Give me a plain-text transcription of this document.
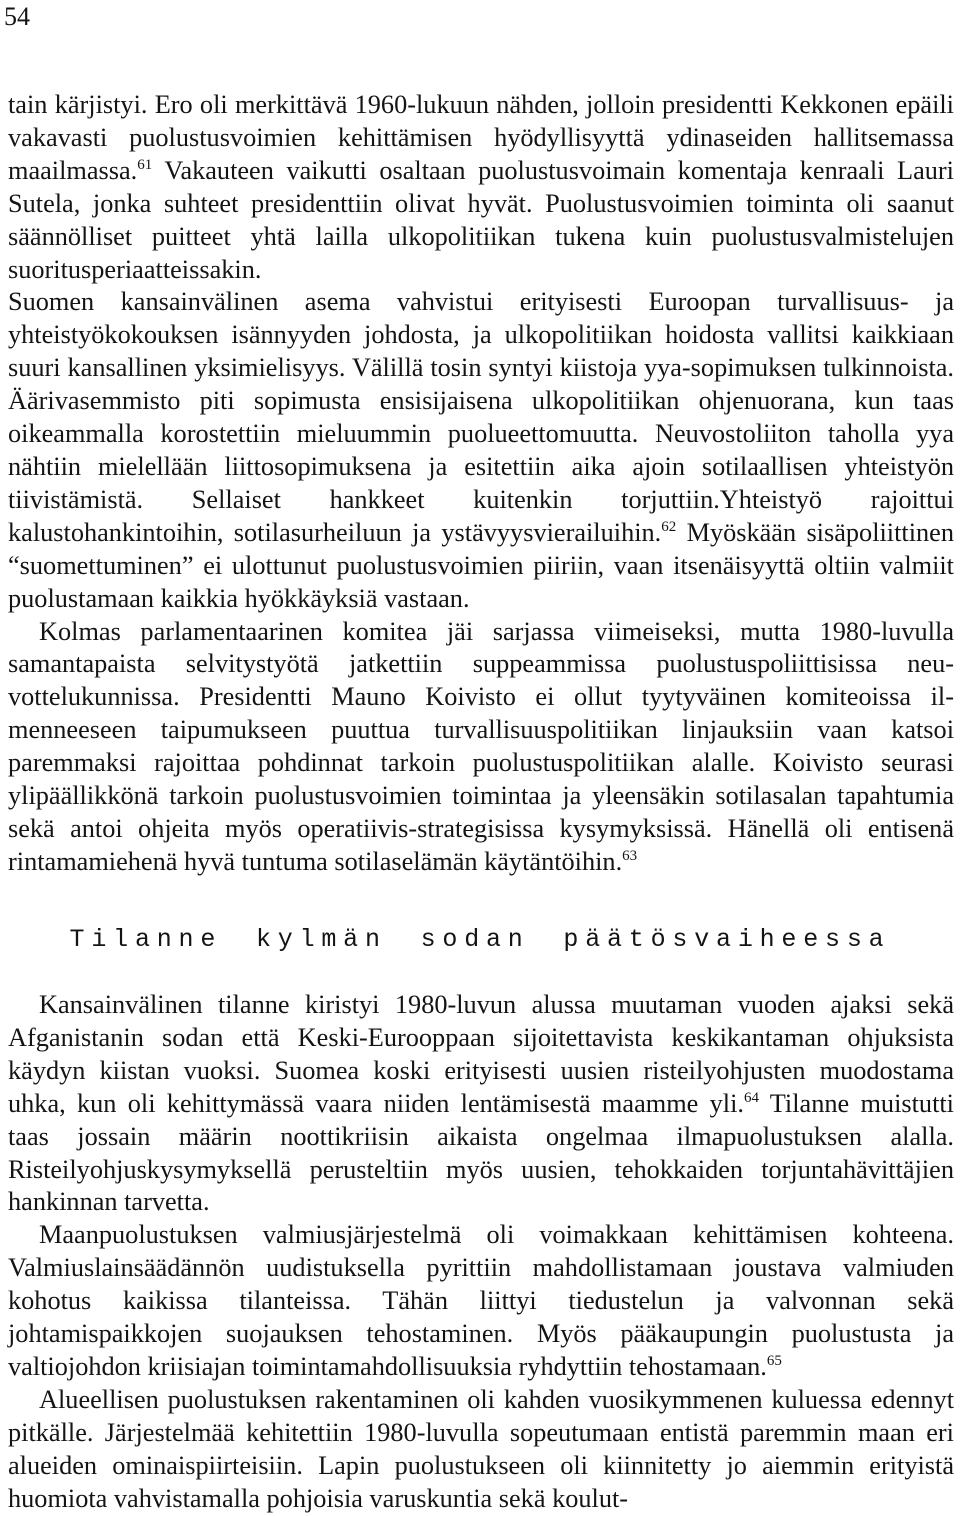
54

tain kärjistyi. Ero oli merkittävä 1960-lukuun nähden, jolloin presidentti Kekkonen epäili vakavasti puolustusvoimien kehittämisen hyödyllisyyttä ydinaseiden hallitsemassa maailmassa.$^{61}$ Vakauteen vaikutti osaltaan puolustusvoimain komentaja kenraali Lauri Sutela, jonka suhteet presidenttiin olivat hyvät. Puolustusvoimien toiminta oli saanut säännölliset puitteet yhtä lailla ulkopolitiikan tukena kuin puolustusvalmistelujen suoritusperiaatteissakin.

Suomen kansainvälinen asema vahvistui erityisesti Euroopan turvallisuus- ja yhteistyökokouksen isännyyden johdosta, ja ulkopolitiikan hoidosta vallitsi kaikkiaan suuri kansallinen yksimielisyys. Välillä tosin syntyi kiistoja yya-sopimuksen tulkinnoista. Äärivasemmisto piti sopimusta ensisijaisena ulkopolitiikan ohjenuorana, kun taas oikeammalla korostettiin mieluummin puolueettomuutta. Neuvostoliiton taholla yya nähtiin mielellään liittosopimuksena ja esitettiin aika ajoin sotilaallisen yhteistyön tiivistämistä. Sellaiset hankkeet kuitenkin torjuttiin.Yhteistyö rajoittui kalustohankintoihin, sotilasurheiluun ja ystävyysvierailuihin.$^{62}$ Myöskään sisäpoliittinen “suomettuminen” ei ulottunut puolustusvoimien piiriin, vaan itsenäisyyttä oltiin valmiit puolustamaan kaikkia hyökkäyksiä vastaan.

Kolmas parlamentaarinen komitea jäi sarjassa viimeiseksi, mutta 1980-luvulla samantapaista selvitystyötä jatkettiin suppeammissa puolustuspoliittisissa neuvottelukunnissa. Presidentti Mauno Koivisto ei ollut tyytyväinen komiteoissa ilmenneeseen taipumukseen puuttua turvallisuuspolitiikan linjauksiin vaan katsoi paremmaksi rajoittaa pohdinnat tarkoin puolustuspolitiikan alalle. Koivisto seurasi ylipäällikkönä tarkoin puolustusvoimien toimintaa ja yleensäkin sotilasalan tapahtumia sekä antoi ohjeita myös operatiivis-strategisissa kysymyksissä. Hänellä oli entisenä rintamamiehenä hyvä tuntuma sotilaselämän käytäntöihin.$^{63}$

Tilanne kylmän sodan päätösvaiheessa

Kansainvälinen tilanne kiristyi 1980-luvun alussa muutaman vuoden ajaksi sekä Afganistanin sodan että Keski-Eurooppaan sijoitettavista keskikantaman ohjuksista käydyn kiistan vuoksi. Suomea koski erityisesti uusien risteilyohjusten muodostama uhka, kun oli kehittymässä vaara niiden lentämisestä maamme yli.$^{64}$ Tilanne muistutti taas jossain määrin noottikriisin aikaista ongelmaa ilmapuolustuksen alalla. Risteilyohjuskysymyksellä perusteltiin myös uusien, tehokkaiden torjuntahävittäjien hankinnan tarvetta.

Maanpuolustuksen valmiusjärjestelmä oli voimakkaan kehittämisen kohteena. Valmiuslainsäädännön uudistuksella pyrittiin mahdollistamaan joustava valmiuden kohotus kaikissa tilanteissa. Tähän liittyi tiedustelun ja valvonnan sekä johtamispaikkojen suojauksen tehostaminen. Myös pääkaupungin puolustusta ja valtiojohdon kriisiajan toimintamahdollisuuksia ryhdyttiin tehostamaan.$^{65}$

Alueellisen puolustuksen rakentaminen oli kahden vuosikymmenen kuluessa edennyt pitkälle. Järjestelmää kehitettiin 1980-luvulla sopeutumaan entistä paremmin maan eri alueiden ominaispiirteisiin. Lapin puolustukseen oli kiinnitetty jo aiemmin erityistä huomiota vahvistamalla pohjoisia varuskuntia sekä koulut-
